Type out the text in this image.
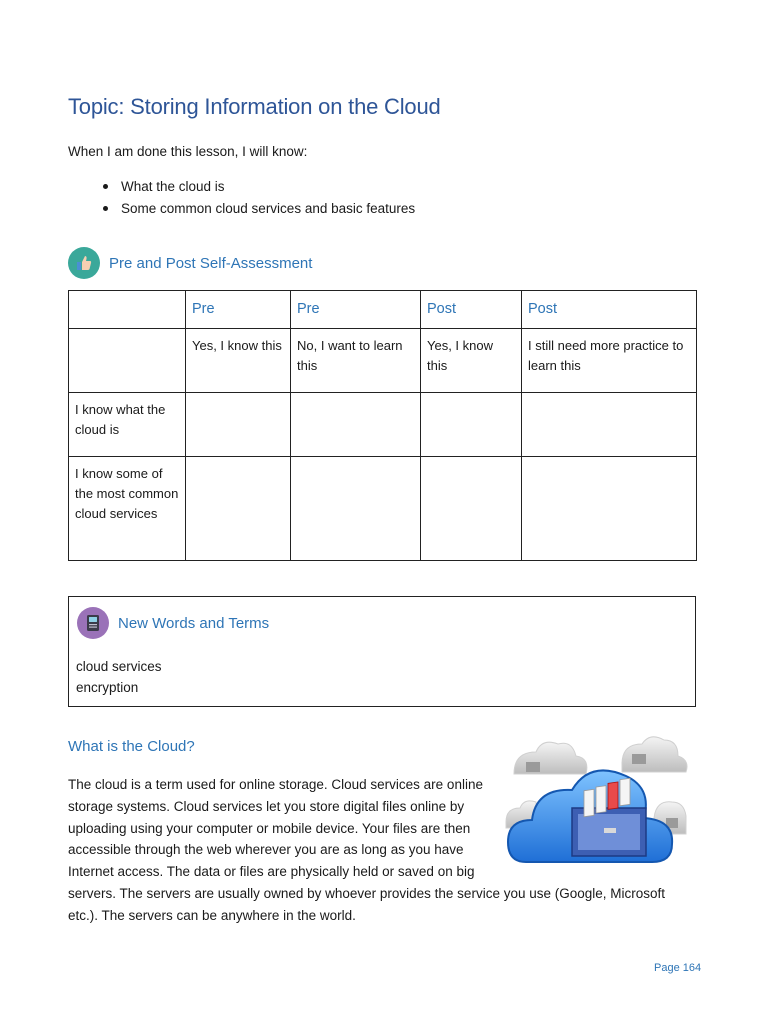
Topic: Storing Information on the Cloud
When I am done this lesson, I will know:
What the cloud is
Some common cloud services and basic features
Pre and Post Self-Assessment
	Pre	Pre	Post	Post
	Yes, I know this	No, I want to learn this	Yes, I know this	I still need more practice to learn this
I know what the cloud is				
I know some of the most common cloud services				
New Words and Terms
cloud services
encryption
What is the Cloud?
The cloud is a term used for online storage. Cloud services are online
storage systems. Cloud services let you store digital files online by
uploading using your computer or mobile device. Your files are then
accessible through the web wherever you are as long as you have
Internet access. The data or files are physically held or saved on big
servers. The servers are usually owned by whoever provides the service you use (Google, Microsoft
etc.). The servers can be anywhere in the world.
Page 164
